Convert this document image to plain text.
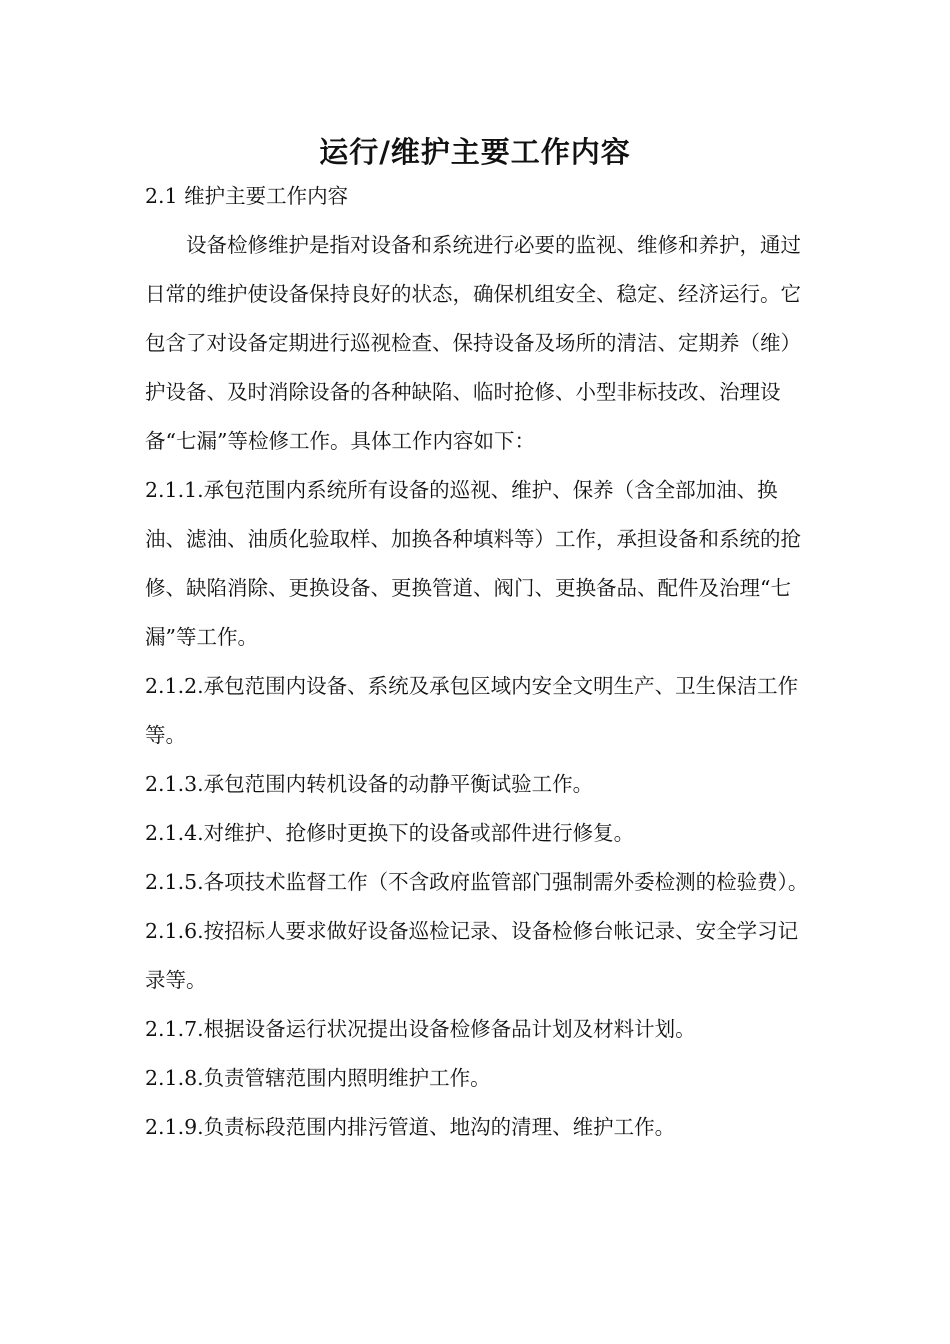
运行/维护主要工作内容

2.1 维护主要工作内容

设备检修维护是指对设备和系统进行必要的监视、维修和养护，通过日常的维护使设备保持良好的状态，确保机组安全、稳定、经济运行。它包含了对设备定期进行巡视检查、保持设备及场所的清洁、定期养（维）护设备、及时消除设备的各种缺陷、临时抢修、小型非标技改、治理设备“七漏”等检修工作。具体工作内容如下：

2.1.1.承包范围内系统所有设备的巡视、维护、保养（含全部加油、换油、滤油、油质化验取样、加换各种填料等）工作，承担设备和系统的抢修、缺陷消除、更换设备、更换管道、阀门、更换备品、配件及治理“七漏”等工作。

2.1.2.承包范围内设备、系统及承包区域内安全文明生产、卫生保洁工作等。

2.1.3.承包范围内转机设备的动静平衡试验工作。

2.1.4.对维护、抢修时更换下的设备或部件进行修复。

2.1.5.各项技术监督工作（不含政府监管部门强制需外委检测的检验费）。

2.1.6.按招标人要求做好设备巡检记录、设备检修台帐记录、安全学习记录等。

2.1.7.根据设备运行状况提出设备检修备品计划及材料计划。

2.1.8.负责管辖范围内照明维护工作。

2.1.9.负责标段范围内排污管道、地沟的清理、维护工作。
